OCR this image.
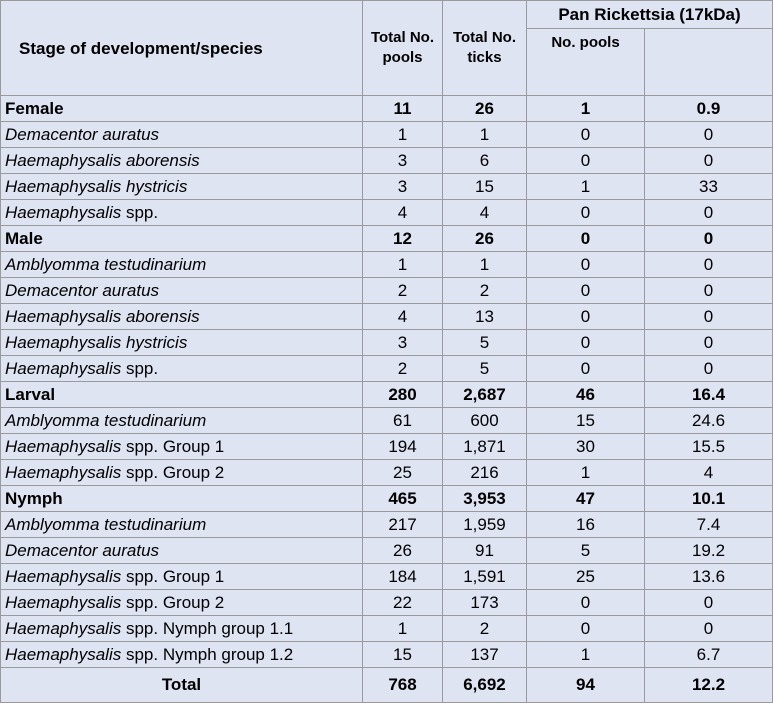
Stage of development/species	Total No. pools	Total No. ticks	Pan Rickettsia (17kDa)	
			No. pools	
Female	11	26	1	0.9
Demacentor auratus	1	1	0	0
Haemaphysalis aborensis	3	6	0	0
Haemaphysalis hystricis	3	15	1	33
Haemaphysalis spp.	4	4	0	0
Male	12	26	0	0
Amblyomma testudinarium	1	1	0	0
Demacentor auratus	2	2	0	0
Haemaphysalis aborensis	4	13	0	0
Haemaphysalis hystricis	3	5	0	0
Haemaphysalis spp.	2	5	0	0
Larval	280	2,687	46	16.4
Amblyomma testudinarium	61	600	15	24.6
Haemaphysalis spp. Group 1	194	1,871	30	15.5
Haemaphysalis spp. Group 2	25	216	1	4
Nymph	465	3,953	47	10.1
Amblyomma testudinarium	217	1,959	16	7.4
Demacentor auratus	26	91	5	19.2
Haemaphysalis spp. Group 1	184	1,591	25	13.6
Haemaphysalis spp. Group 2	22	173	0	0
Haemaphysalis spp. Nymph group 1.1	1	2	0	0
Haemaphysalis spp. Nymph group 1.2	15	137	1	6.7
Total	768	6,692	94	12.2
